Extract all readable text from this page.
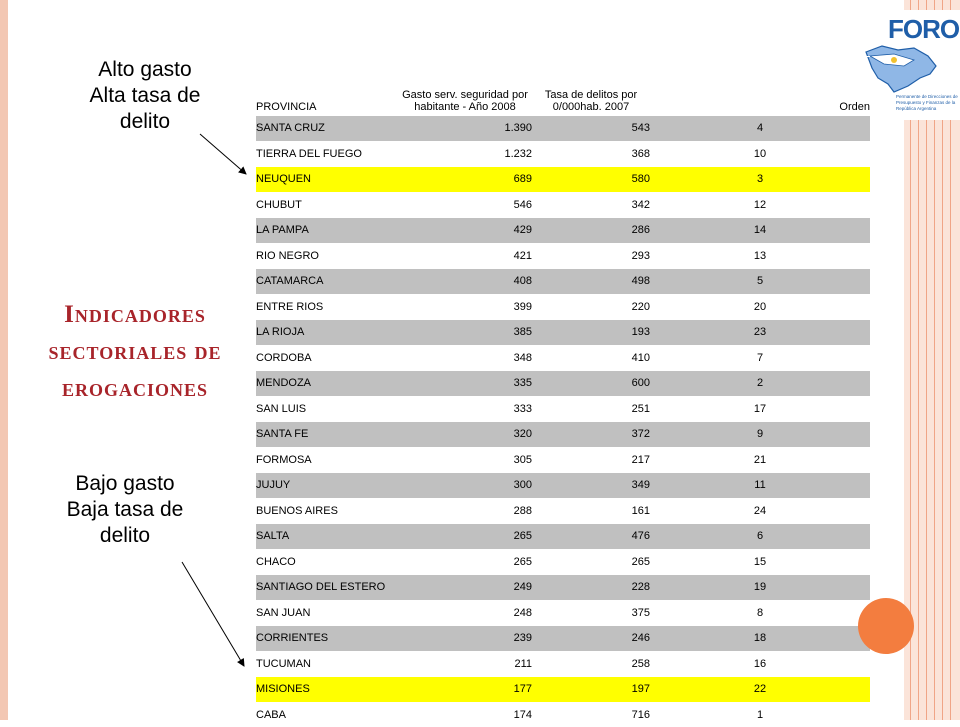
FORO
Permanente de Direcciones de Presupuesto y Finanzas de la República Argentina
Alto gasto
Alta tasa de
delito
Indicadores sectoriales de erogaciones
Bajo gasto
Baja tasa de
delito
PROVINCIA	Gasto serv. seguridad por habitante - Año 2008	Tasa de delitos por 0/000hab. 2007	Orden
SANTA CRUZ	1.390	543	4
TIERRA DEL FUEGO	1.232	368	10
NEUQUEN	689	580	3
CHUBUT	546	342	12
LA PAMPA	429	286	14
RIO NEGRO	421	293	13
CATAMARCA	408	498	5
ENTRE RIOS	399	220	20
LA RIOJA	385	193	23
CORDOBA	348	410	7
MENDOZA	335	600	2
SAN LUIS	333	251	17
SANTA FE	320	372	9
FORMOSA	305	217	21
JUJUY	300	349	11
BUENOS AIRES	288	161	24
SALTA	265	476	6
CHACO	265	265	15
SANTIAGO DEL ESTERO	249	228	19
SAN JUAN	248	375	8
CORRIENTES	239	246	18
TUCUMAN	211	258	16
MISIONES	177	197	22
CABA	174	716	1
